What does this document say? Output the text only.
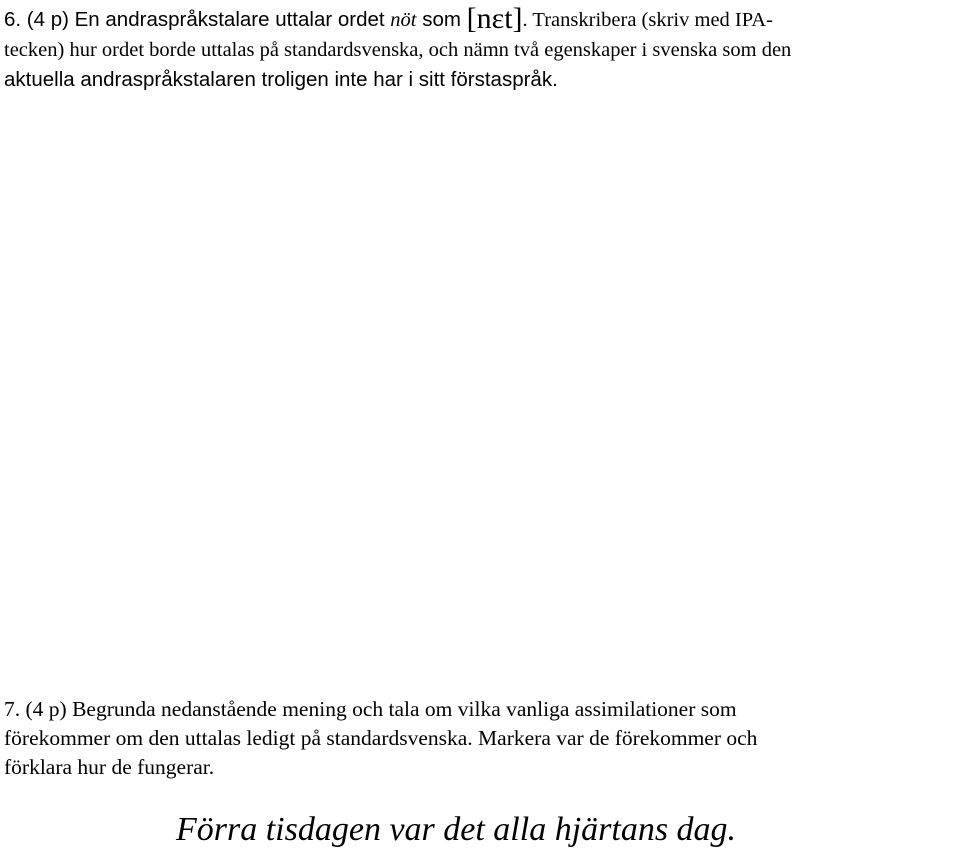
6. (4 p) En andraspråkstalare uttalar ordet nöt som [nɛt]. Transkribera (skriv med IPA-
tecken) hur ordet borde uttalas på standardsvenska, och nämn två egenskaper i svenska som den
aktuella andraspråkstalaren troligen inte har i sitt förstaspråk.
7. (4 p) Begrunda nedanstående mening och tala om vilka vanliga assimilationer som
förekommer om den uttalas ledigt på standardsvenska. Markera var de förekommer och
förklara hur de fungerar.
Förra tisdagen var det alla hjärtans dag.
